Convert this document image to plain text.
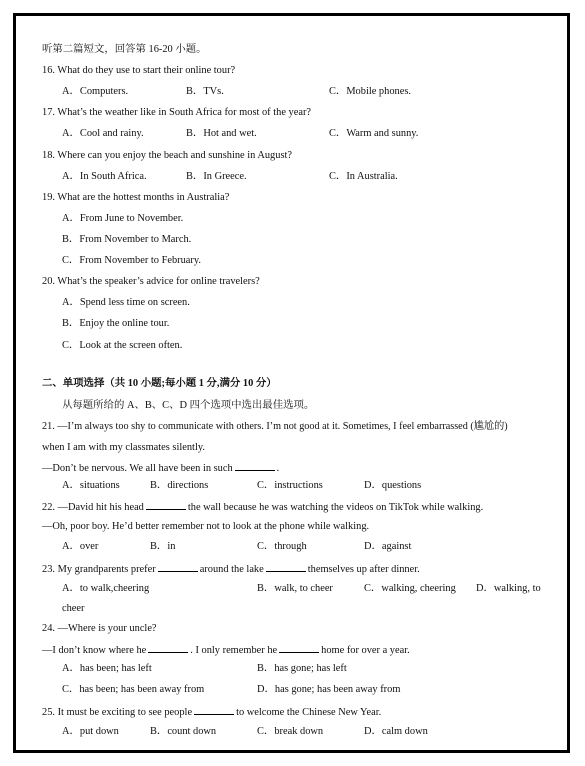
听第二篇短文，回答第 16-20 小题。
16. What do they use to start their online tour?
A．Computers.	B．TVs.	C．Mobile phones.
17. What’s the weather like in South Africa for most of the year?
A．Cool and rainy.	B．Hot and wet.	C．Warm and sunny.
18. Where can you enjoy the beach and sunshine in August?
A．In South Africa.	B．In Greece.	C．In Australia.
19. What are the hottest months in Australia?
A．From June to November.
B．From November to March.
C．From November to February.
20. What’s the speaker’s advice for online travelers?
A．Spend less time on screen.
B．Enjoy the online tour.
C．Look at the screen often.
二、单项选择（共 10 小题;每小题 1 分,满分 10 分）
从每题所给的 A、B、C、D 四个选项中选出最佳选项。
21. —I’m always too shy to communicate with others. I’m not good at it. Sometimes, I feel embarrassed (尴尬的)
when I am with my classmates silently.
—Don’t be nervous. We all have been in such	.
A．situations	B．directions	C．instructions	D．questions
22. —David hit his head	the wall because he was watching the videos on TikTok while walking.
—Oh, poor boy. He’d better remember not to look at the phone while walking.
A．over	B．in	C．through	D．against
23. My grandparents prefer	around the lake	themselves up after dinner.
A．to walk,cheering	B．walk, to cheer	C．walking, cheering D．walking, to
cheer
24. —Where is your uncle?
—I don’t know where he	. I only remember he	home for over a year.
A．has been; has left	B．has gone; has left
C．has been; has been away from	D．has gone; has been away from
25. It must be exciting to see people	to welcome the Chinese New Year.
A．put down	B．count down	C．break down	D．calm down
